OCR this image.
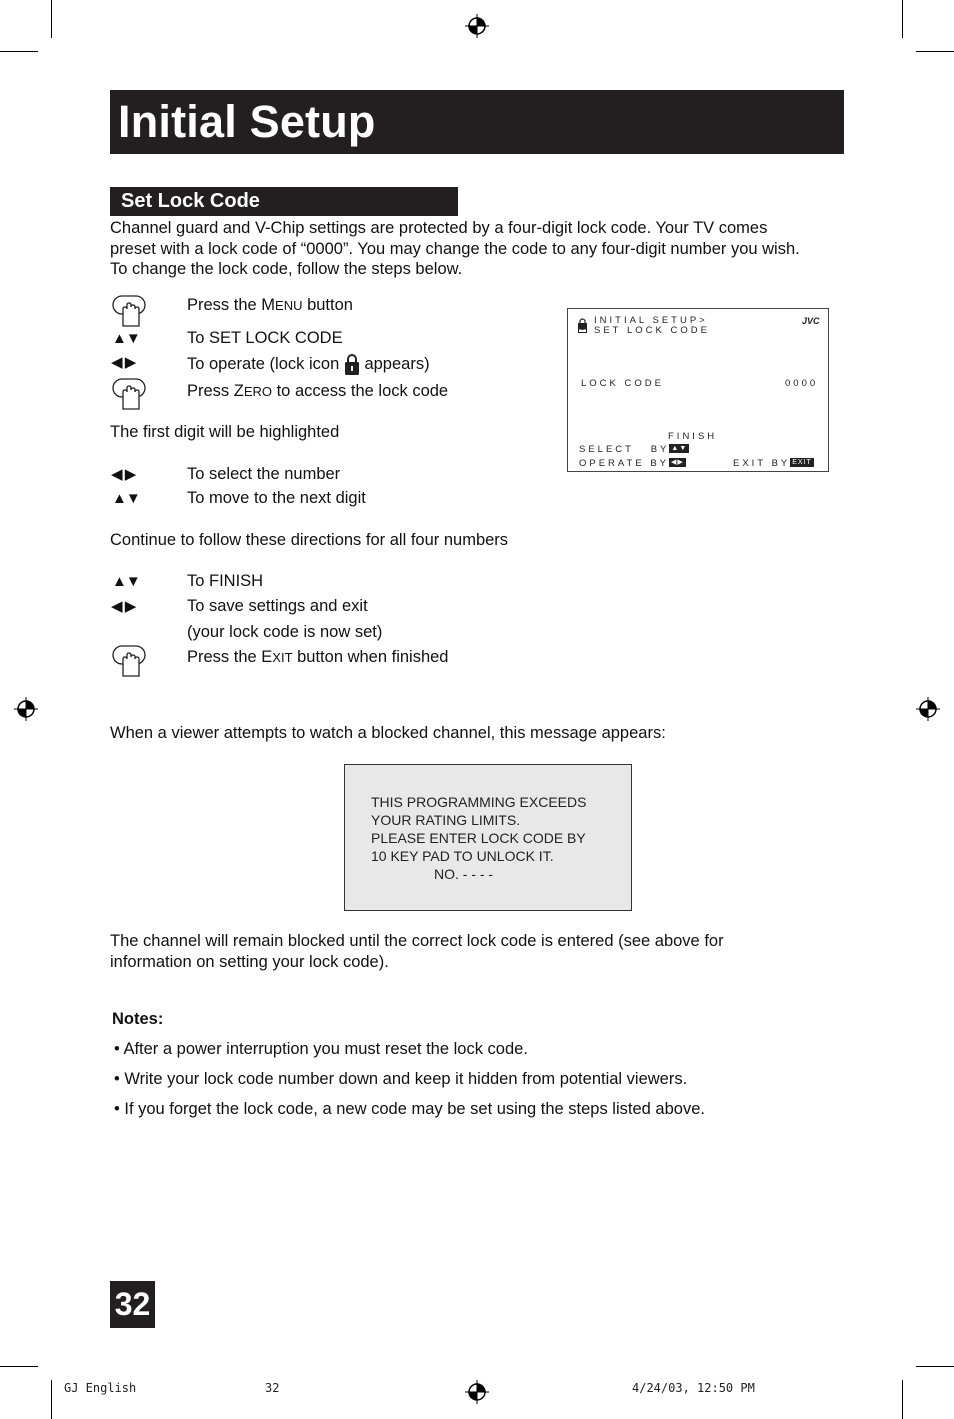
Initial Setup
Set Lock Code
Channel guard and V-Chip settings are protected by a four-digit lock code. Your TV comes
preset with a lock code of “0000”. You may change the code to any four-digit number you wish.
To change the lock code, follow the steps below.
Press the MENU button
▲▼	To SET LOCK CODE
◀ ▶	To operate (lock icon  appears)
Press ZERO to access the lock code
The first digit will be highlighted
◀ ▶	To select the number
▲▼	To move to the next digit
Continue to follow these directions for all four numbers
▲▼	To FINISH
◀ ▶	To save settings and exit
(your lock code is now set)
Press the EXIT button when finished
INITIAL SETUP>
SET LOCK CODE
JVC
LOCK CODE	0000
FINISH
SELECT   BY ▲▼
OPERATE BY ◀▶	EXIT BY EXIT
When a viewer attempts to watch a blocked channel, this message appears:
THIS PROGRAMMING EXCEEDS
YOUR RATING LIMITS.
PLEASE ENTER LOCK CODE BY
10 KEY PAD TO UNLOCK IT.
NO. - - - -
The channel will remain blocked until the correct lock code is entered (see above for
information on setting your lock code).
Notes:
• After a power interruption you must reset the lock code.
• Write your lock code number down and keep it hidden from potential viewers.
• If you forget the lock code, a new code may be set using the steps listed above.
32
GJ English	32	4/24/03, 12:50 PM
